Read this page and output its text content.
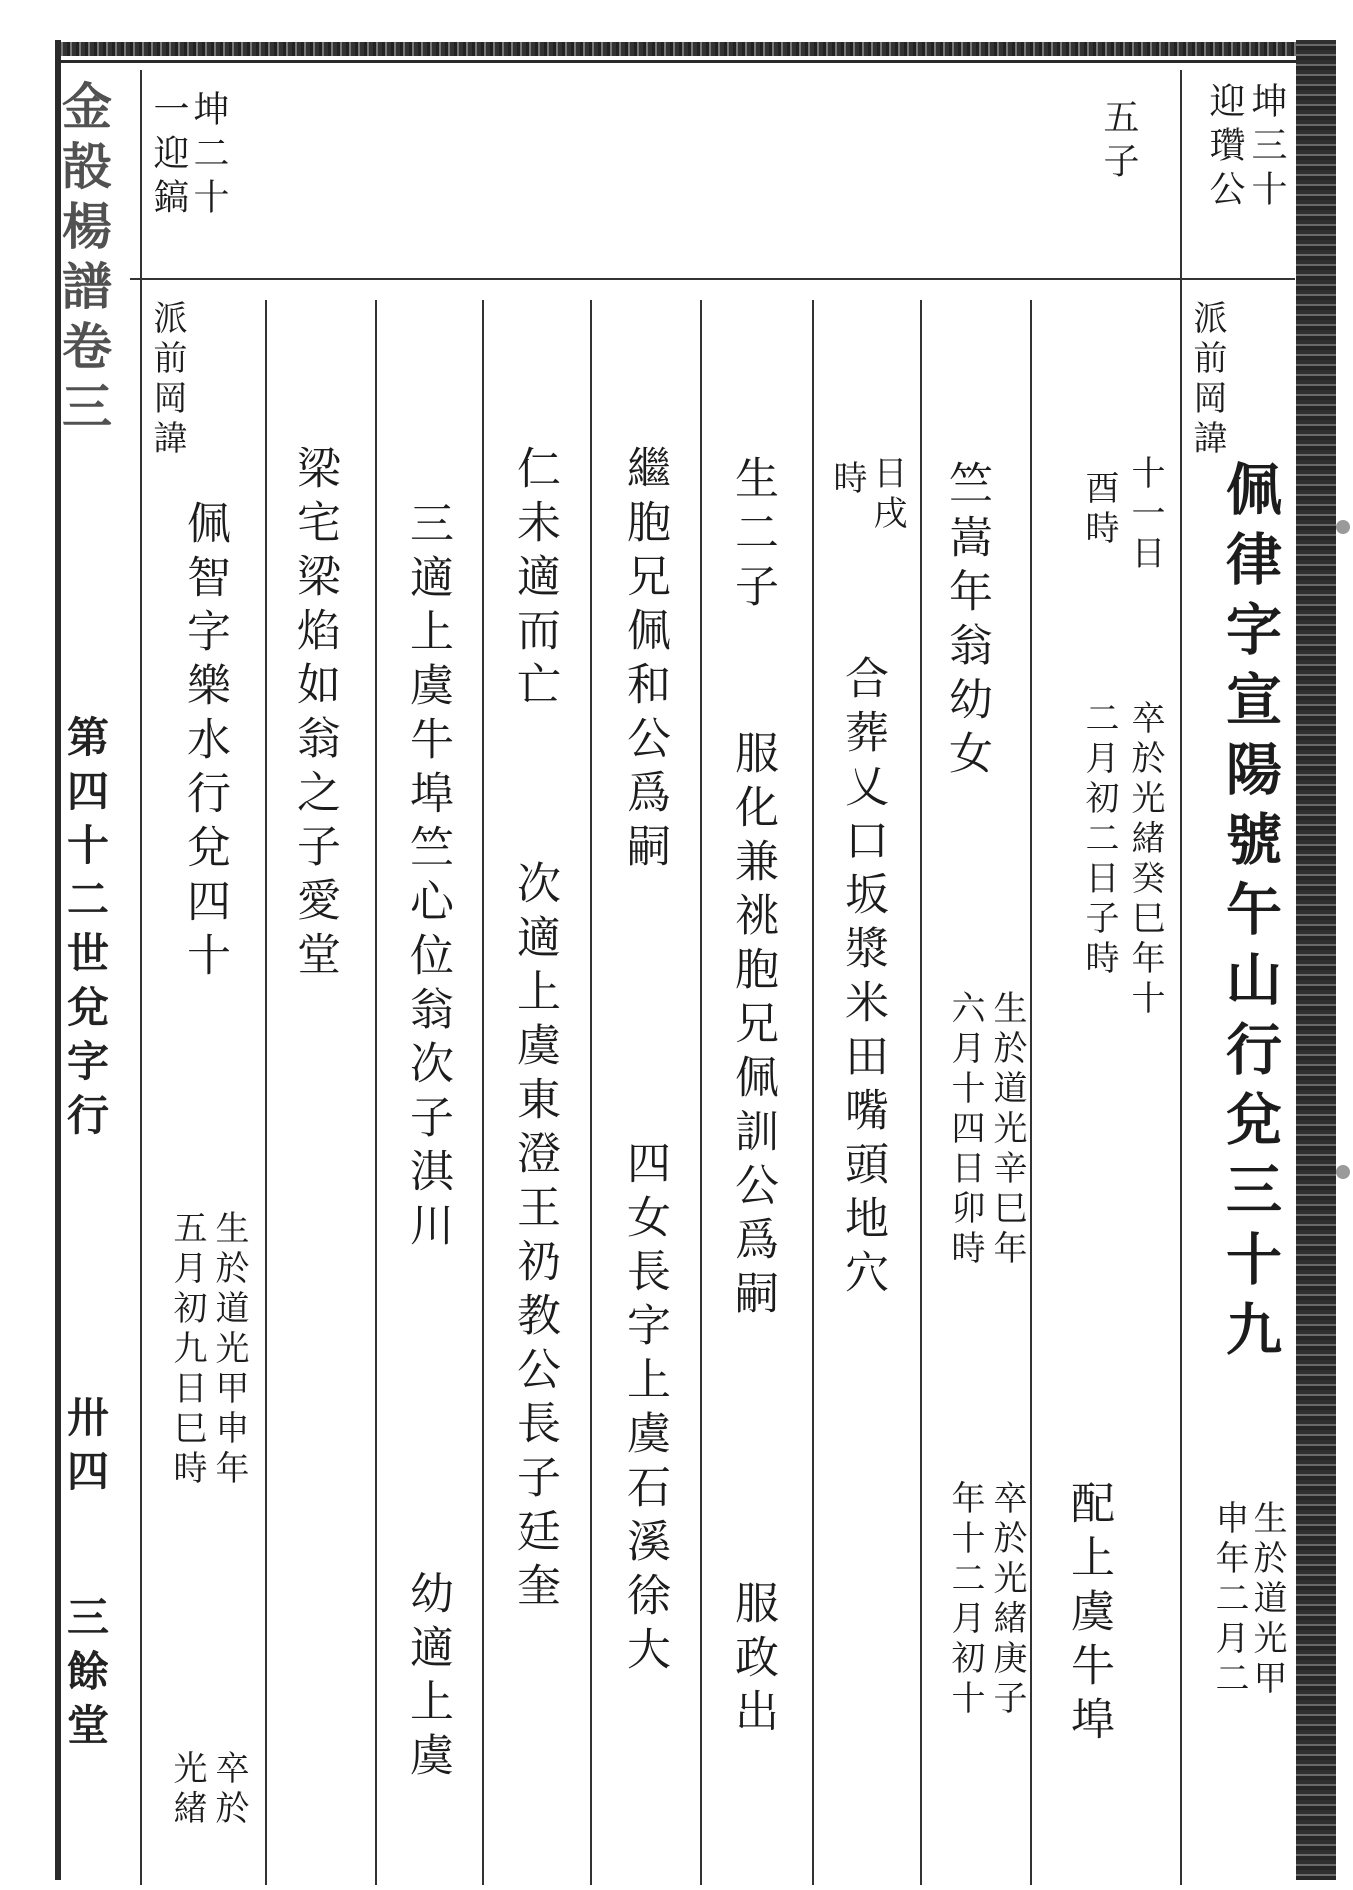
金㱿楊譜卷三
第四十二世兌字行
卅四
三餘堂
坤三十
迎瓚公
五子
坤二十
一迎鎬
派前岡諱
佩律字宣陽號午山行兌三十九
生於道光甲
申年二月二
十一日
酉時
卒於光緒癸巳年十
二月初二日子時
配上虞牛埠
竺嵩年翁幼女
生於道光辛巳年
六月十四日卯時
卒於光緒庚子
年十二月初十
日戌
時
合葬乂口坂漿米田嘴頭地穴
生二子
服化兼祧胞兄佩訓公爲嗣
服政出
繼胞兄佩和公爲嗣
四女長字上虞石溪徐大
仁未適而亡
次適上虞東澄王礽教公長子廷奎
三適上虞牛埠竺心位翁次子淇川
幼適上虞
梁宅梁焰如翁之子愛堂
派前岡諱
佩智字樂水行兌四十
生於道光甲申年
五月初九日巳時
卒於
光緒
